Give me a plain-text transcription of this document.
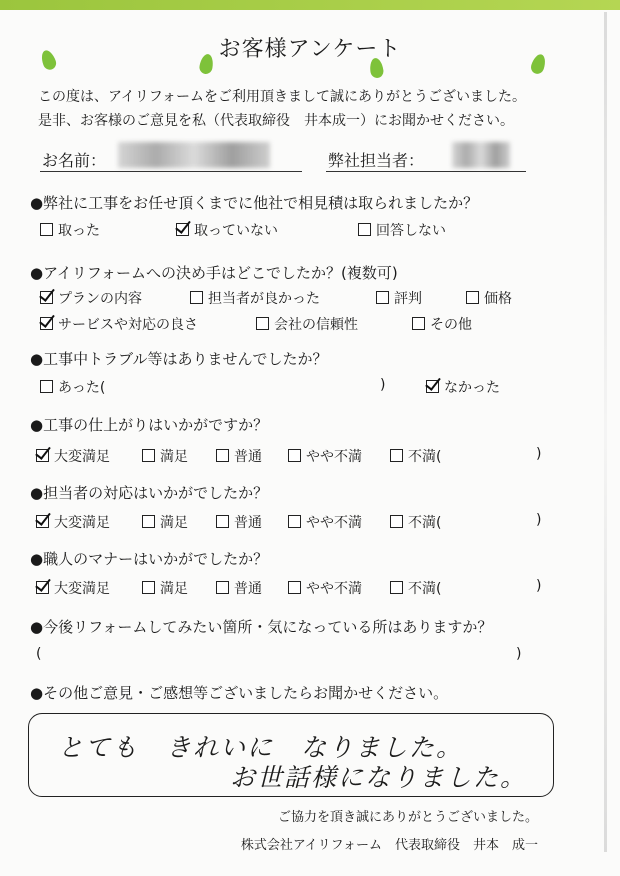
お客様アンケート
この度は、アイリフォームをご利用頂きまして誠にありがとうございました。
是非、お客様のご意見を私（代表取締役　井本成一）にお聞かせください。
お名前：	弊社担当者：
●弊社に工事をお任せ頂くまでに他社で相見積は取られましたか？
取った	取っていない	回答しない
●アイリフォームへの決め手はどこでしたか？(複数可)
プランの内容	担当者が良かった	評判	価格
サービスや対応の良さ	会社の信頼性	その他
●工事中トラブル等はありませんでしたか？
あった(	)	なかった
●工事の仕上がりはいかがですか？
大変満足	満足	普通	やや不満	不満(	)
●担当者の対応はいかがでしたか？
大変満足	満足	普通	やや不満	不満(	)
●職人のマナーはいかがでしたか？
大変満足	満足	普通	やや不満	不満(	)
●今後リフォームしてみたい箇所・気になっている所はありますか？
(	)
●その他ご意見・ご感想等ございましたらお聞かせください。
とても　きれいに　なりました。
お世話様になりました。
ご協力を頂き誠にありがとうございました。
株式会社アイリフォーム　代表取締役　井本　成一
